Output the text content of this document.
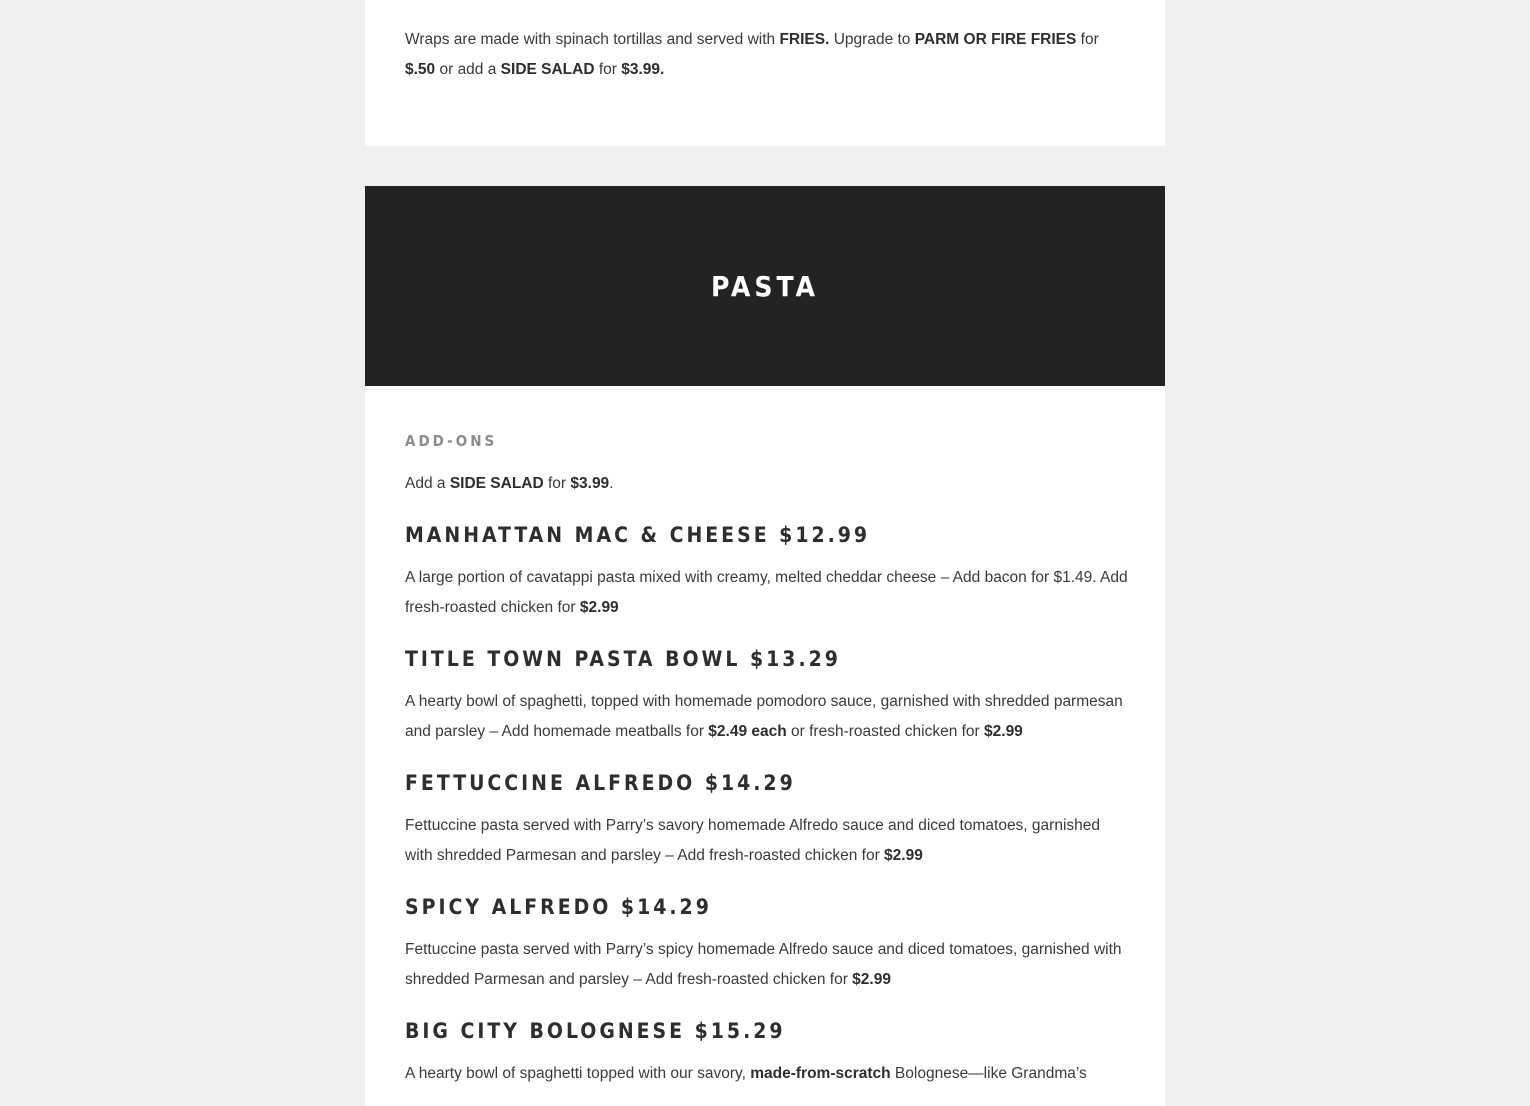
Wraps are made with spinach tortillas and served with FRIES. Upgrade to PARM OR FIRE FRIES for
$.50 or add a SIDE SALAD for $3.99.

PASTA
ADD-ONS

Add a SIDE SALAD for $3.99.

MANHATTAN MAC & CHEESE $12.99

A large portion of cavatappi pasta mixed with creamy, melted cheddar cheese – Add bacon for $1.49. Add fresh-roasted chicken for $2.99

TITLE TOWN PASTA BOWL $13.29

A hearty bowl of spaghetti, topped with homemade pomodoro sauce, garnished with shredded parmesan and parsley – Add homemade meatballs for $2.49 each or fresh-roasted chicken for $2.99

FETTUCCINE ALFREDO $14.29

Fettuccine pasta served with Parry’s savory homemade Alfredo sauce and diced tomatoes, garnished with shredded Parmesan and parsley – Add fresh-roasted chicken for $2.99

SPICY ALFREDO $14.29

Fettuccine pasta served with Parry’s spicy homemade Alfredo sauce and diced tomatoes, garnished with shredded Parmesan and parsley – Add fresh-roasted chicken for $2.99

BIG CITY BOLOGNESE $15.29

A hearty bowl of spaghetti topped with our savory, made-from-scratch Bolognese—like Grandma’s
